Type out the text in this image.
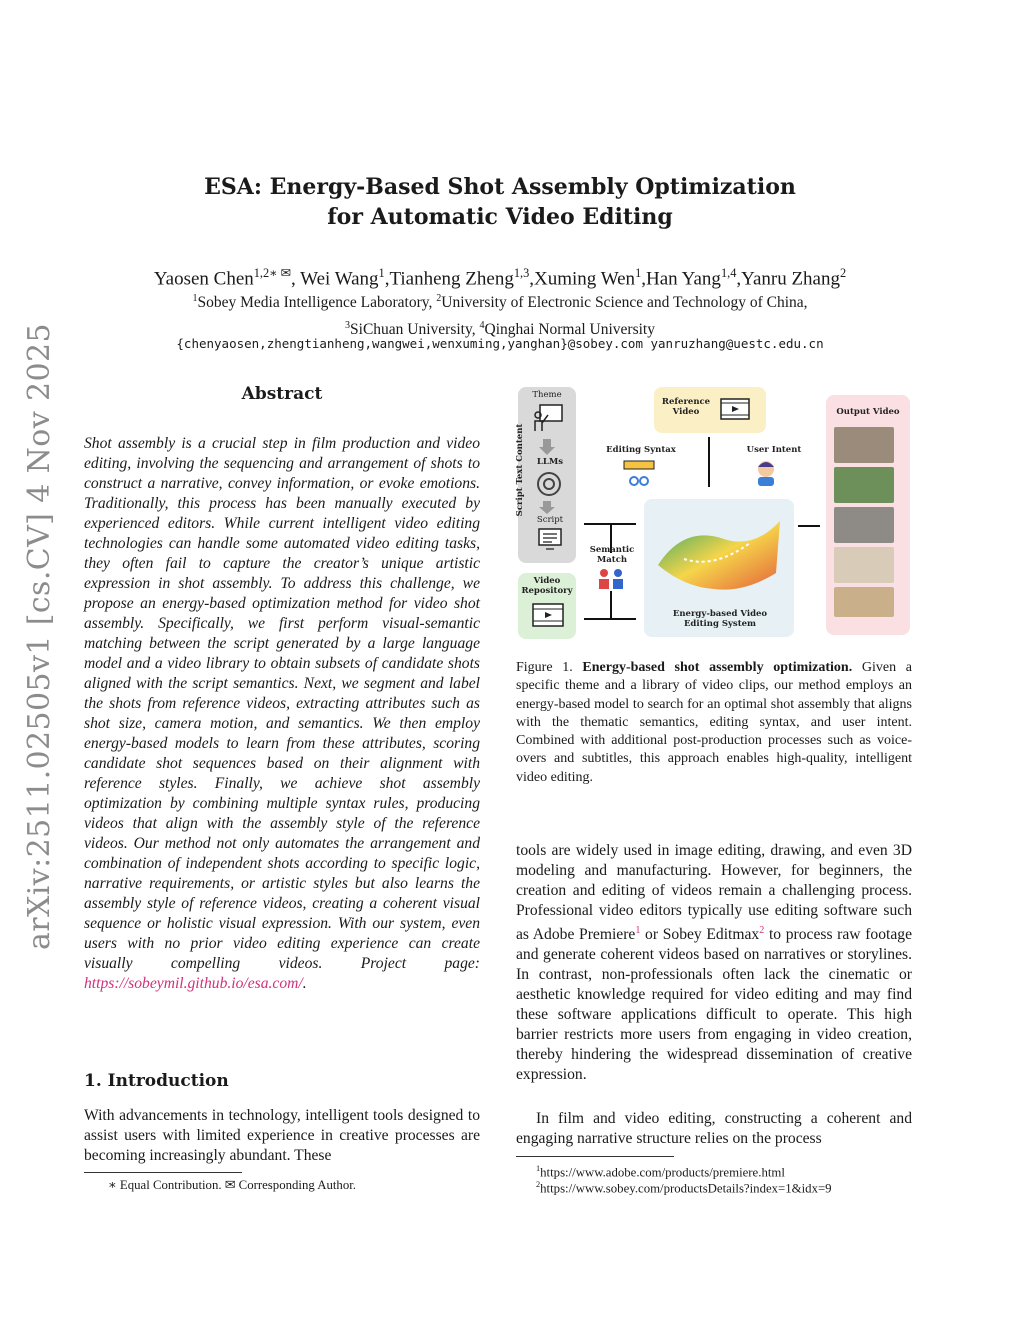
ESA: Energy-Based Shot Assembly Optimization
for Automatic Video Editing
Yaosen Chen$^{1,2∗ ✉}$, Wei Wang$^1$,Tianheng Zheng$^{1,3}$,Xuming Wen$^1$,Han Yang$^{1,4}$,Yanru Zhang$^2$
$^1$Sobey Media Intelligence Laboratory, $^2$University of Electronic Science and Technology of China,
$^3$SiChuan University, $^4$Qinghai Normal University
{chenyaosen,zhengtianheng,wangwei,wenxuming,yanghan}@sobey.com yanruzhang@uestc.edu.cn
arXiv:2511.02505v1 [cs.CV] 4 Nov 2025	Abstract
Shot assembly is a crucial step in film production and video editing, involving the sequencing and arrangement of shots to construct a narrative, convey information, or evoke emotions. Traditionally, this process has been manually executed by experienced editors. While current intelligent video editing technologies can handle some automated video editing tasks, they often fail to capture the creator’s unique artistic expression in shot assembly. To address this challenge, we propose an energy-based optimization method for video shot assembly. Specifically, we first perform visual-semantic matching between the script generated by a large language model and a video library to obtain subsets of candidate shots aligned with the script semantics. Next, we segment and label the shots from reference videos, extracting attributes such as shot size, camera motion, and semantics. We then employ energy-based models to learn from these attributes, scoring candidate shot sequences based on their alignment with reference styles. Finally, we achieve shot assembly optimization by combining multiple syntax rules, producing videos that align with the assembly style of the reference videos. Our method not only automates the arrangement and combination of independent shots according to specific logic, narrative requirements, or artistic styles but also learns the assembly style of reference videos, creating a coherent visual sequence or holistic visual expression. With our system, even users with no prior video editing experience can create visually compelling videos. Project page: https://sobeymil.github.io/esa.com/.
1. Introduction
With advancements in technology, intelligent tools designed to assist users with limited experience in creative processes are becoming increasingly abundant. These
∗ Equal Contribution. ✉ Corresponding Author.
Theme
LLMs
Script
Script Text Content
Video Repository
Semantic Match
Reference Video
Editing Syntax	User Intent
Energy-based Video Editing System
Output Video
Figure 1. Energy-based shot assembly optimization. Given a specific theme and a library of video clips, our method employs an energy-based model to search for an optimal shot assembly that aligns with the thematic semantics, editing syntax, and user intent. Combined with additional post-production processes such as voice-overs and subtitles, this approach enables high-quality, intelligent video editing.
tools are widely used in image editing, drawing, and even 3D modeling and manufacturing. However, for beginners, the creation and editing of videos remain a challenging process. Professional video editors typically use editing software such as Adobe Premiere$^1$ or Sobey Editmax$^2$ to process raw footage and generate coherent videos based on narratives or storylines. In contrast, non-professionals often lack the cinematic or aesthetic knowledge required for video editing and may find these software applications difficult to operate. This high barrier restricts more users from engaging in video creation, thereby hindering the widespread dissemination of creative expression.
In film and video editing, constructing a coherent and engaging narrative structure relies on the process
$^1$https://www.adobe.com/products/premiere.html
$^2$https://www.sobey.com/productsDetails?index=1&idx=9
